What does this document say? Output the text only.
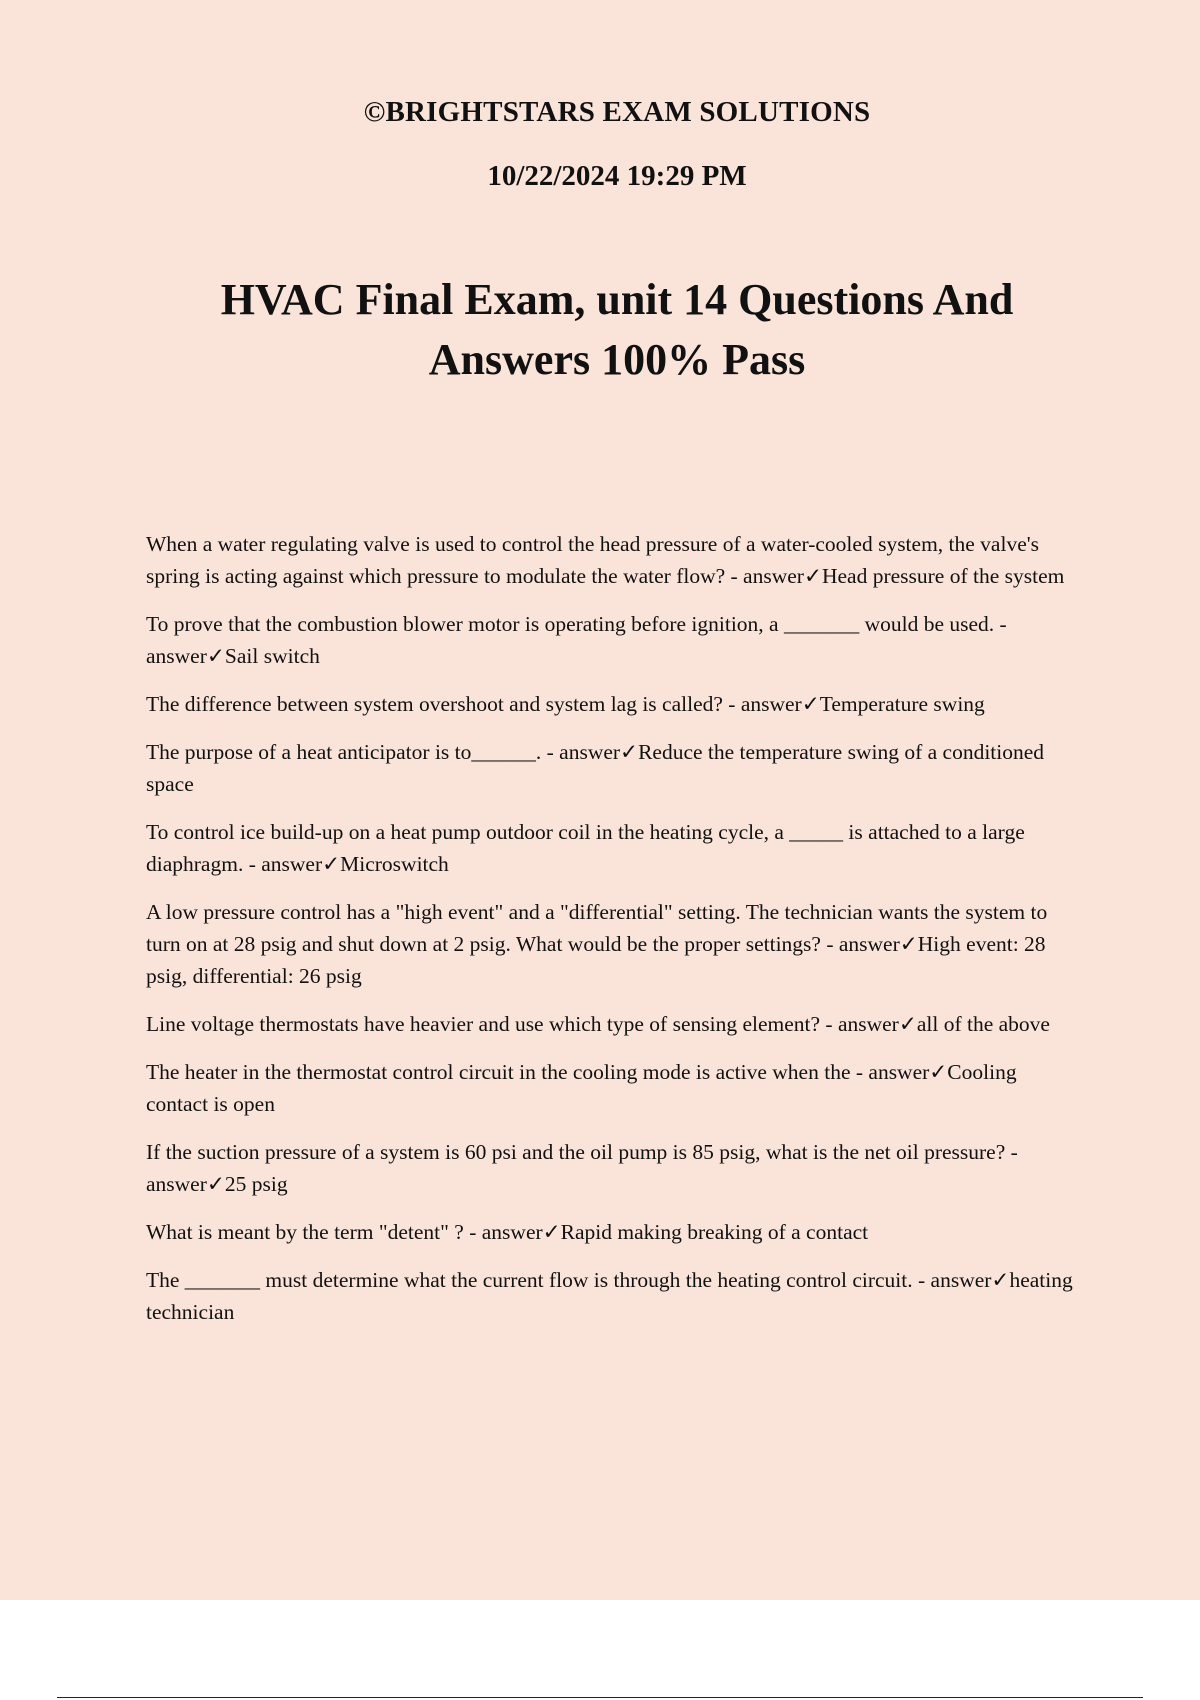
©BRIGHTSTARS EXAM SOLUTIONS
10/22/2024 19:29 PM
HVAC Final Exam, unit 14 Questions And Answers 100% Pass
When a water regulating valve is used to control the head pressure of a water-cooled system, the valve's spring is acting against which pressure to modulate the water flow? - answer✓Head pressure of the system
To prove that the combustion blower motor is operating before ignition, a _______ would be used. - answer✓Sail switch
The difference between system overshoot and system lag is called? - answer✓Temperature swing
The purpose of a heat anticipator is to______. - answer✓Reduce the temperature swing of a conditioned space
To control ice build-up on a heat pump outdoor coil in the heating cycle, a _____ is attached to a large diaphragm. - answer✓Microswitch
A low pressure control has a "high event" and a "differential" setting. The technician wants the system to turn on at 28 psig and shut down at 2 psig. What would be the proper settings? - answer✓High event: 28 psig, differential: 26 psig
Line voltage thermostats have heavier and use which type of sensing element? - answer✓all of the above
The heater in the thermostat control circuit in the cooling mode is active when the - answer✓Cooling contact is open
If the suction pressure of a system is 60 psi and the oil pump is 85 psig, what is the net oil pressure? - answer✓25 psig
What is meant by the term "detent" ? - answer✓Rapid making breaking of a contact
The _______ must determine what the current flow is through the heating control circuit. - answer✓heating technician
